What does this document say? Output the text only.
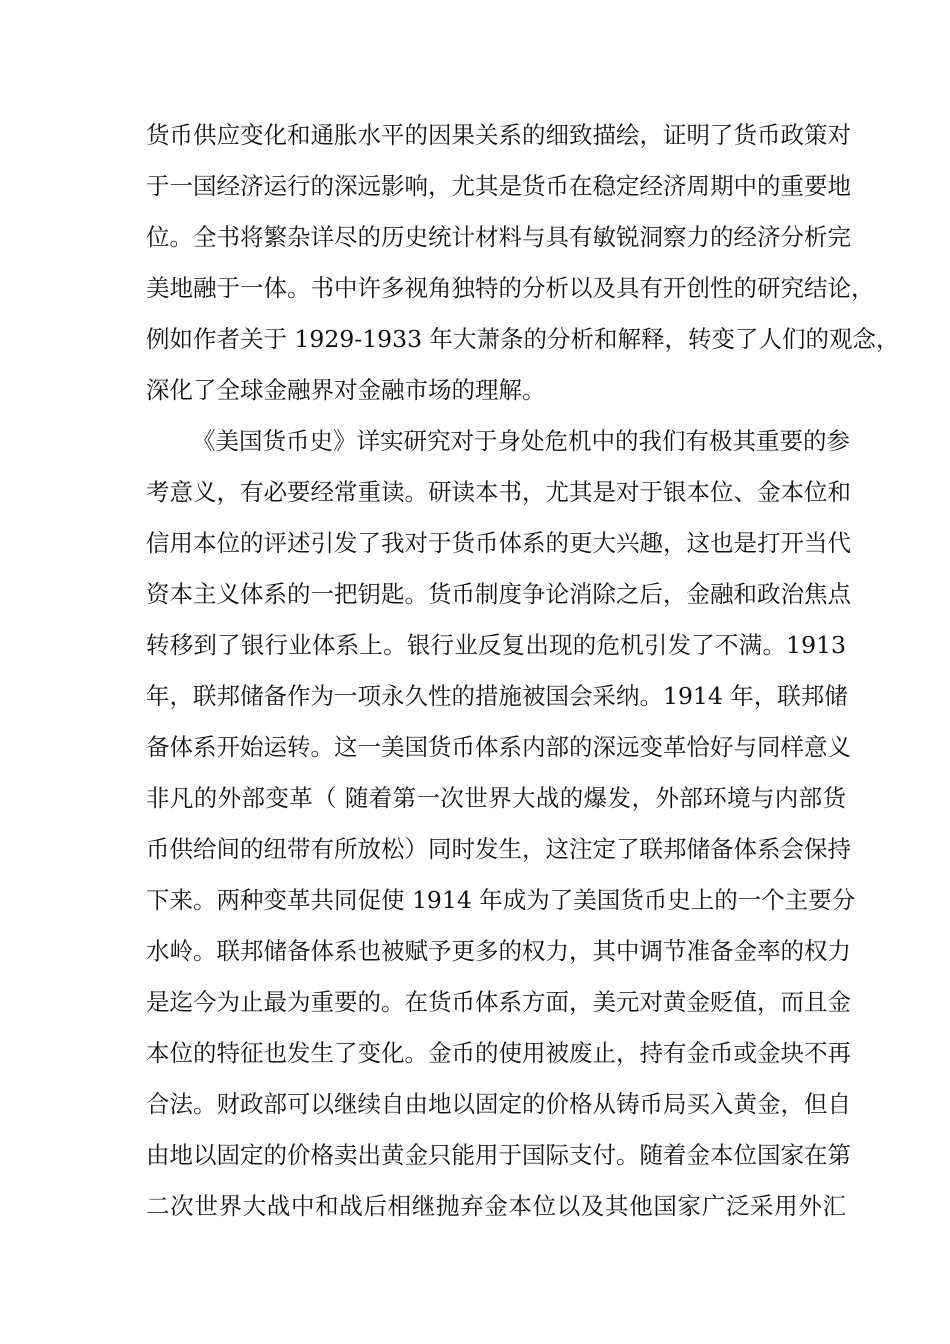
货币供应变化和通胀水平的因果关系的细致描绘，证明了货币政策对
于一国经济运行的深远影响，尤其是货币在稳定经济周期中的重要地
位。全书将繁杂详尽的历史统计材料与具有敏锐洞察力的经济分析完
美地融于一体。书中许多视角独特的分析以及具有开创性的研究结论，
例如作者关于 1929-1933 年大萧条的分析和解释，转变了人们的观念，
深化了全球金融界对金融市场的理解。
《美国货币史》详实研究对于身处危机中的我们有极其重要的参
考意义，有必要经常重读。研读本书，尤其是对于银本位、金本位和
信用本位的评述引发了我对于货币体系的更大兴趣，这也是打开当代
资本主义体系的一把钥匙。货币制度争论消除之后，金融和政治焦点
转移到了银行业体系上。银行业反复出现的危机引发了不满。1913
年，联邦储备作为一项永久性的措施被国会采纳。1914 年，联邦储
备体系开始运转。这一美国货币体系内部的深远变革恰好与同样意义
非凡的外部变革（ 随着第一次世界大战的爆发，外部环境与内部货
币供给间的纽带有所放松）同时发生，这注定了联邦储备体系会保持
下来。两种变革共同促使 1914 年成为了美国货币史上的一个主要分
水岭。联邦储备体系也被赋予更多的权力，其中调节准备金率的权力
是迄今为止最为重要的。在货币体系方面，美元对黄金贬值，而且金
本位的特征也发生了变化。金币的使用被废止，持有金币或金块不再
合法。财政部可以继续自由地以固定的价格从铸币局买入黄金，但自
由地以固定的价格卖出黄金只能用于国际支付。随着金本位国家在第
二次世界大战中和战后相继抛弃金本位以及其他国家广泛采用外汇
